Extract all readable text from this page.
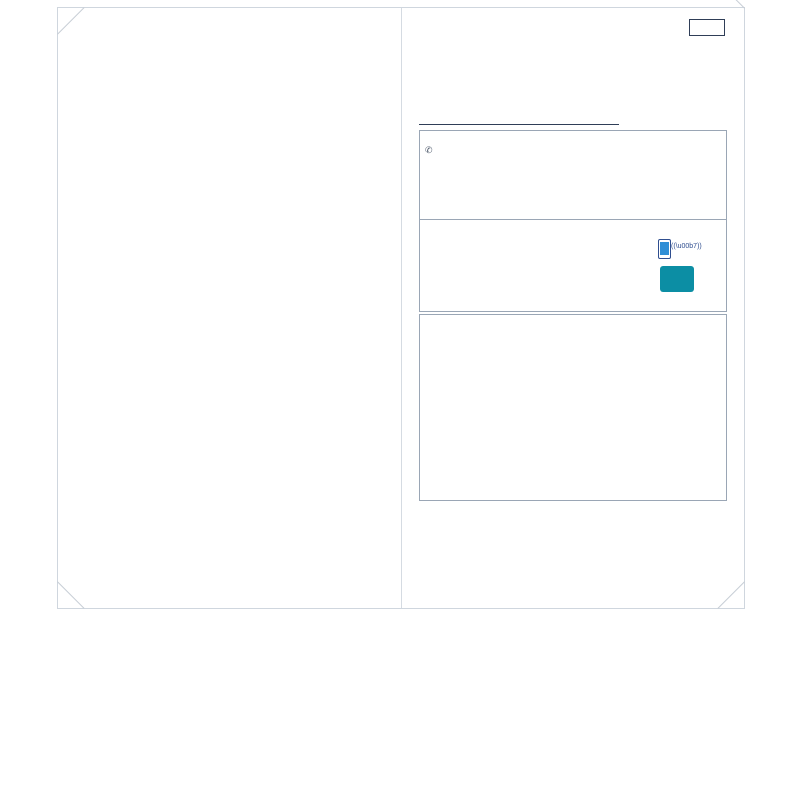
✆
((\u00b7))
